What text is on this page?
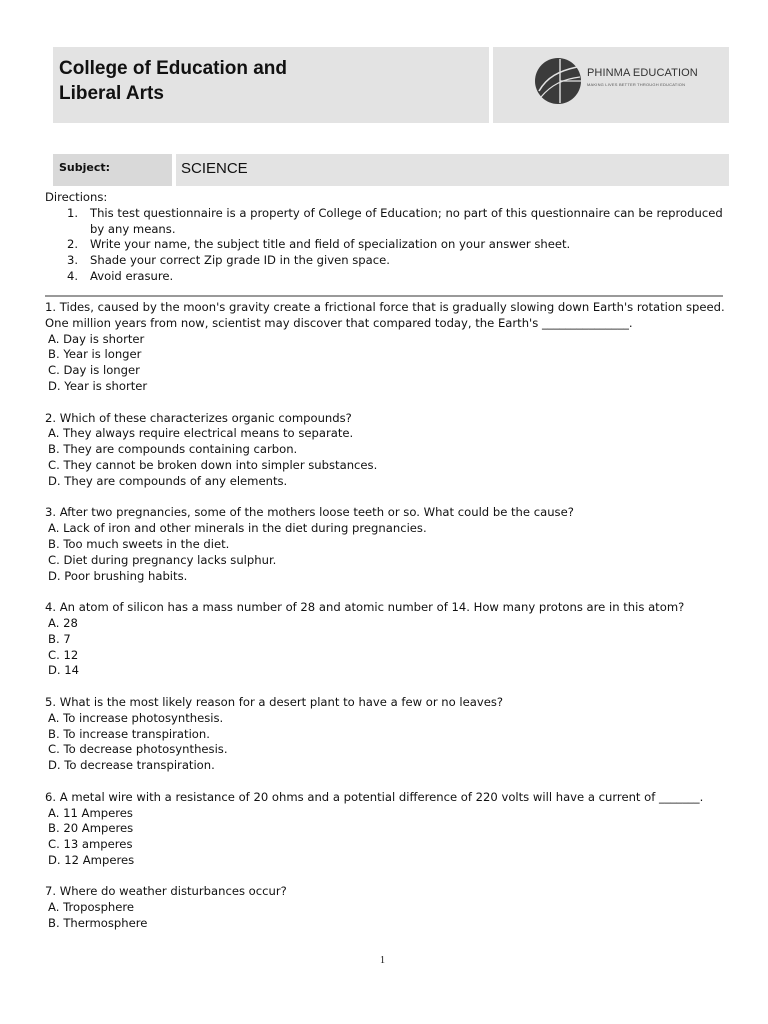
College of Education and
Liberal Arts
PHINMA EDUCATION
MAKING LIVES BETTER THROUGH EDUCATION
Subject:	SCIENCE
Directions:
1. This test questionnaire is a property of College of Education; no part of this questionnaire can be reproduced by any means.
2. Write your name, the subject title and field of specialization on your answer sheet.
3. Shade your correct Zip grade ID in the given space.
4. Avoid erasure.
1. Tides, caused by the moon's gravity create a frictional force that is gradually slowing down Earth's rotation speed. One million years from now, scientist may discover that compared today, the Earth's _______________.
A. Day is shorter
B. Year is longer
C. Day is longer
D. Year is shorter
2. Which of these characterizes organic compounds?
A. They always require electrical means to separate.
B. They are compounds containing carbon.
C. They cannot be broken down into simpler substances.
D. They are compounds of any elements.
3. After two pregnancies, some of the mothers loose teeth or so. What could be the cause?
A. Lack of iron and other minerals in the diet during pregnancies.
B. Too much sweets in the diet.
C. Diet during pregnancy lacks sulphur.
D. Poor brushing habits.
4. An atom of silicon has a mass number of 28 and atomic number of 14. How many protons are in this atom?
A. 28
B. 7
C. 12
D. 14
5. What is the most likely reason for a desert plant to have a few or no leaves?
A. To increase photosynthesis.
B. To increase transpiration.
C. To decrease photosynthesis.
D. To decrease transpiration.
6. A metal wire with a resistance of 20 ohms and a potential difference of 220 volts will have a current of _______.
A. 11 Amperes
B. 20 Amperes
C. 13 amperes
D. 12 Amperes
7. Where do weather disturbances occur?
A. Troposphere
B. Thermosphere
1
